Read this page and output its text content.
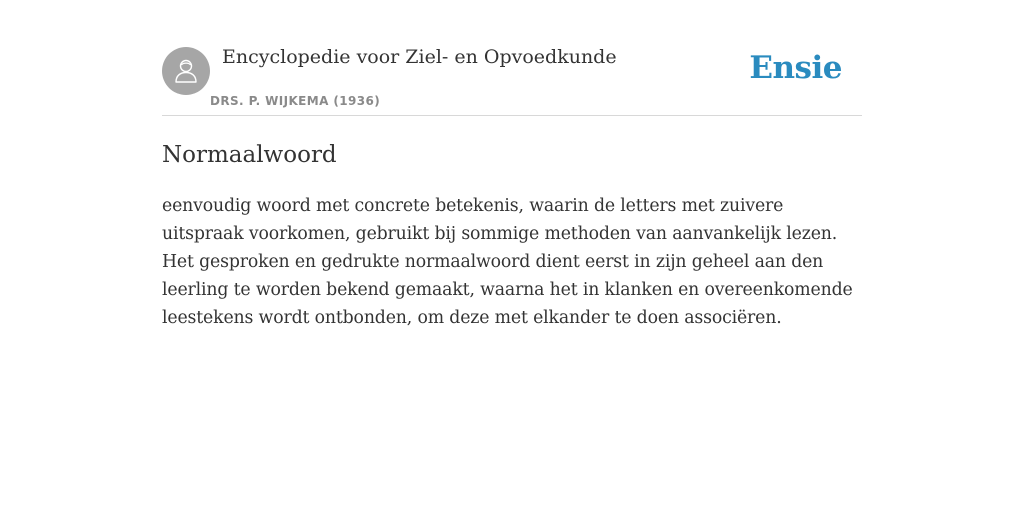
Encyclopedie voor Ziel- en Opvoedkunde
DRS. P. WIJKEMA (1936)
Ensie
Normaalwoord

eenvoudig woord met concrete betekenis, waarin de letters met zuivere uitspraak voorkomen, gebruikt bij sommige methoden van aanvankelijk lezen. Het gesproken en gedrukte normaalwoord dient eerst in zijn geheel aan den leerling te worden bekend gemaakt, waarna het in klanken en overeenkomende leestekens wordt ontbonden, om deze met elkander te doen associëren.
